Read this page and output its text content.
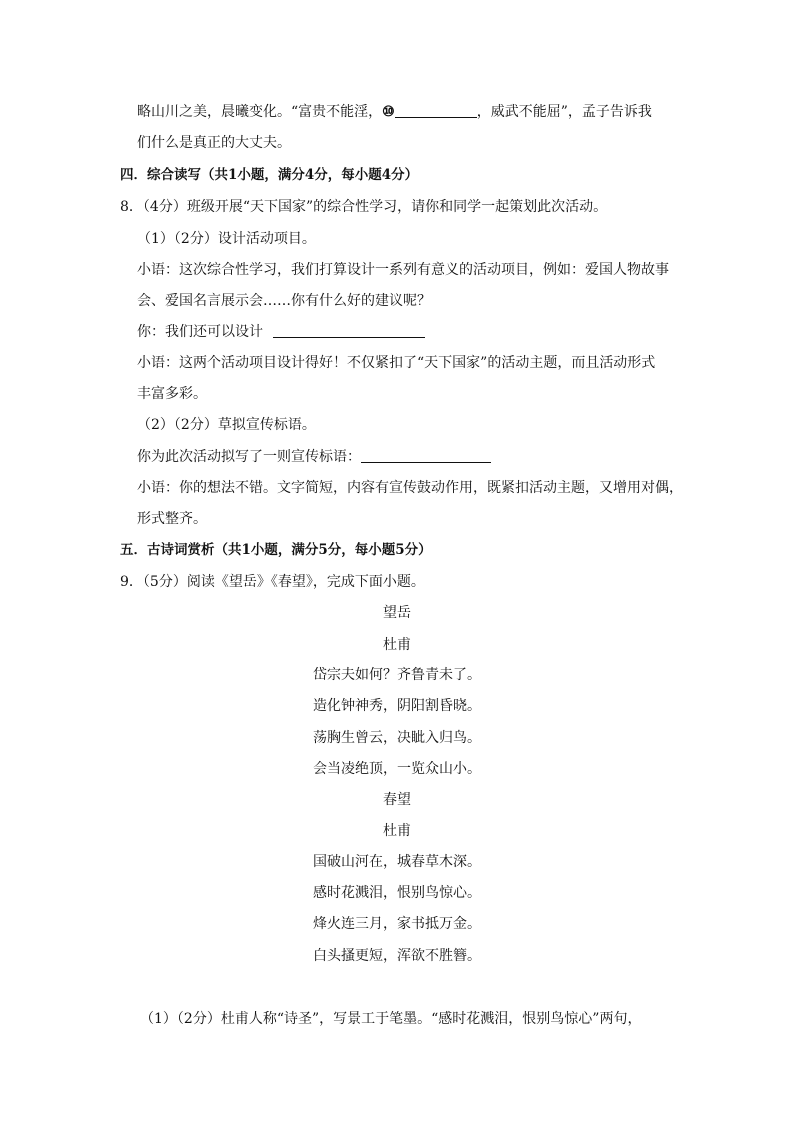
略山川之美，晨曦变化。“富贵不能淫，⑩	，威武不能屈”，孟子告诉我
们什么是真正的大丈夫。
四．综合读写（共1小题，满分4分，每小题4分）
8．（4分）班级开展“天下国家”的综合性学习，请你和同学一起策划此次活动。
（1）（2分）设计活动项目。
小语：这次综合性学习，我们打算设计一系列有意义的活动项目，例如：爱国人物故事
会、爱国名言展示会……你有什么好的建议呢？
你：我们还可以设计
小语：这两个活动项目设计得好！不仅紧扣了“天下国家”的活动主题，而且活动形式
丰富多彩。
（2）（2分）草拟宣传标语。
你为此次活动拟写了一则宣传标语：
小语：你的想法不错。文字简短，内容有宣传鼓动作用，既紧扣活动主题，又增用对偶，
形式整齐。
五．古诗词赏析（共1小题，满分5分，每小题5分）
9．（5分）阅读《望岳》《春望》，完成下面小题。
望岳
杜甫
岱宗夫如何？齐鲁青未了。
造化钟神秀，阴阳割昏晓。
荡胸生曾云，决眦入归鸟。
会当凌绝顶，一览众山小。
春望
杜甫
国破山河在，城春草木深。
感时花溅泪，恨别鸟惊心。
烽火连三月，家书抵万金。
白头搔更短，浑欲不胜簪。
（1）（2分）杜甫人称“诗圣”，写景工于笔墨。“感时花溅泪，恨别鸟惊心”两句，
